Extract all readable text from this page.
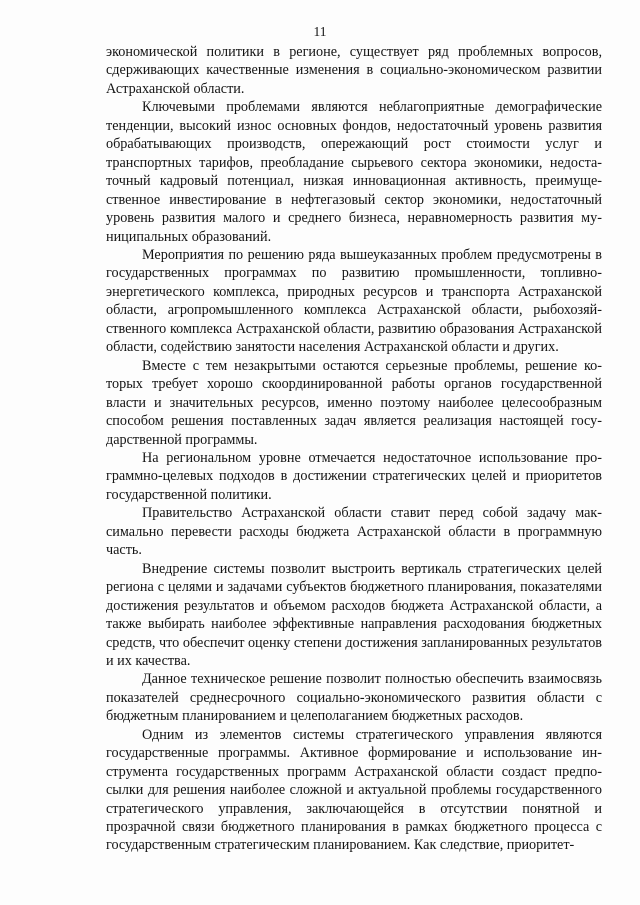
11

экономической политики в регионе, существует ряд проблемных вопросов, сдерживающих качественные изменения в социально-экономическом развитии Астраханской области.

Ключевыми проблемами являются неблагоприятные демографические тенденции, высокий износ основных фондов, недостаточный уровень развития обрабатывающих производств, опережающий рост стоимости услуг и транспортных тарифов, преобладание сырьевого сектора экономики, недостаточный кадровый потенциал, низкая инновационная активность, преимущественное инвестирование в нефтегазовый сектор экономики, недостаточный уровень развития малого и среднего бизнеса, неравномерность развития муниципальных образований.

Мероприятия по решению ряда вышеуказанных проблем предусмотрены в государственных программах по развитию промышленности, топливно-энергетического комплекса, природных ресурсов и транспорта Астраханской области, агропромышленного комплекса Астраханской области, рыбохозяйственного комплекса Астраханской области, развитию образования Астраханской области, содействию занятости населения Астраханской области и других.

Вместе с тем незакрытыми остаются серьезные проблемы, решение которых требует хорошо скоординированной работы органов государственной власти и значительных ресурсов, именно поэтому наиболее целесообразным способом решения поставленных задач является реализация настоящей государственной программы.

На региональном уровне отмечается недостаточное использование программно-целевых подходов в достижении стратегических целей и приоритетов государственной политики.

Правительство Астраханской области ставит перед собой задачу максимально перевести расходы бюджета Астраханской области в программную часть.

Внедрение системы позволит выстроить вертикаль стратегических целей региона с целями и задачами субъектов бюджетного планирования, показателями достижения результатов и объемом расходов бюджета Астраханской области, а также выбирать наиболее эффективные направления расходования бюджетных средств, что обеспечит оценку степени достижения запланированных результатов и их качества.

Данное техническое решение позволит полностью обеспечить взаимосвязь показателей среднесрочного социально-экономического развития области с бюджетным планированием и целеполаганием бюджетных расходов.

Одним из элементов системы стратегического управления являются государственные программы. Активное формирование и использование инструмента государственных программ Астраханской области создаст предпосылки для решения наиболее сложной и актуальной проблемы государственного стратегического управления, заключающейся в отсутствии понятной и прозрачной связи бюджетного планирования в рамках бюджетного процесса с государственным стратегическим планированием. Как следствие, приоритет-
